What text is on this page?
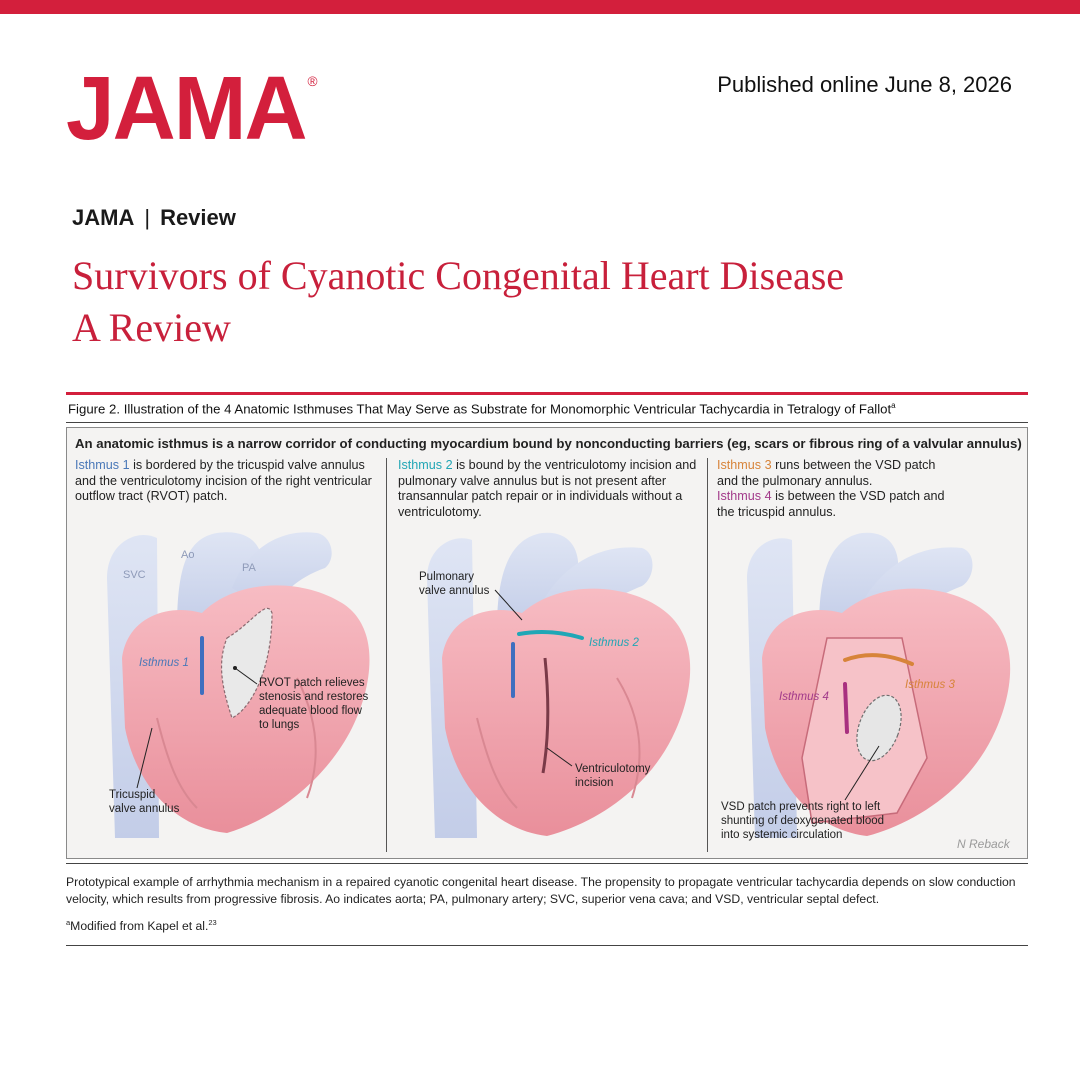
JAMA ®	Published online June 8, 2026
JAMA | Review
Survivors of Cyanotic Congenital Heart Disease
A Review
Figure 2. Illustration of the 4 Anatomic Isthmuses That May Serve as Substrate for Monomorphic Ventricular Tachycardia in Tetralogy of Fallot$^a$
An anatomic isthmus is a narrow corridor of conducting myocardium bound by nonconducting barriers (eg, scars or fibrous ring of a valvular annulus)
Isthmus 1 is bordered by the tricuspid valve annulus and the ventriculotomy incision of the right ventricular outflow tract (RVOT) patch.
Isthmus 2 is bound by the ventriculotomy incision and pulmonary valve annulus but is not present after transannular patch repair or in individuals without a ventriculotomy.
Isthmus 3 runs between the VSD patch and the pulmonary annulus.
Isthmus 4 is between the VSD patch and the tricuspid annulus.
SVC
Ao
PA
Isthmus 1
RVOT patch relieves
stenosis and restores
adequate blood flow
to lungs
Tricuspid
valve annulus
Pulmonary
valve annulus
Isthmus 2
Ventriculotomy
incision
Isthmus 3
Isthmus 4
VSD patch prevents right to left
shunting of deoxygenated blood
into systemic circulation
N Reback
Prototypical example of arrhythmia mechanism in a repaired cyanotic congenital heart disease. The propensity to propagate ventricular tachycardia depends on slow conduction velocity, which results from progressive fibrosis. Ao indicates aorta; PA, pulmonary artery; SVC, superior vena cava; and VSD, ventricular septal defect.
$^a$Modified from Kapel et al.$^{23}$
